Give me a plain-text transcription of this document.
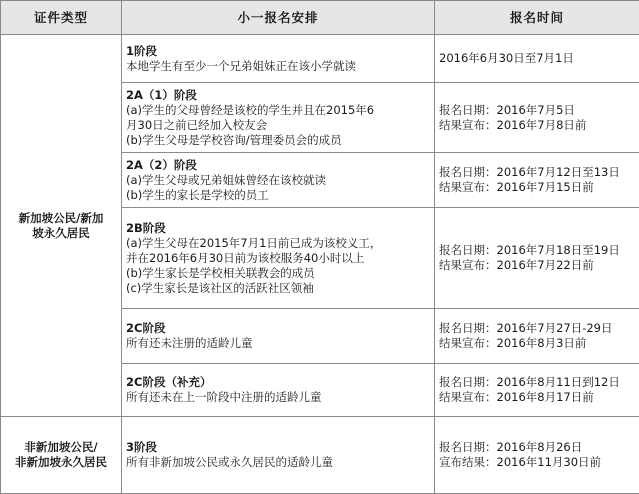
证件类型	小一报名安排	报名时间

新加坡公民/新加
坡永久居民	1阶段
本地学生有至少一个兄弟姐妹正在该小学就读	2016年6月30日至7月1日

	2A（1）阶段
(a)学生的父母曾经是该校的学生并且在2015年6
月30日之前已经加入校友会
(b)学生父母是学校咨询/管理委员会的成员	报名日期：2016年7月5日
结果宣布：2016年7月8日前

	2A（2）阶段
(a)学生父母或兄弟姐妹曾经在该校就读
(b)学生的家长是学校的员工	报名日期：2016年7月12日至13日
结果宣布：2016年7月15日前

	2B阶段
(a)学生父母在2015年7月1日前已成为该校义工，
并在2016年6月30日前为该校服务40小时以上
(b)学生家长是学校相关联教会的成员
(c)学生家长是该社区的活跃社区领袖	报名日期：2016年7月18日至19日
结果宣布：2016年7月22日前

	2C阶段
所有还未注册的适龄儿童	报名日期：2016年7月27日-29日
结果宣布：2016年8月3日前

	2C阶段（补充）
所有还未在上一阶段中注册的适龄儿童	报名日期：2016年8月11日到12日
结果宣布：2016年8月17日前

非新加坡公民/
非新加坡永久居民	3阶段
所有非新加坡公民或永久居民的适龄儿童	报名日期：2016年8月26日
宣布结果：2016年11月30日前
